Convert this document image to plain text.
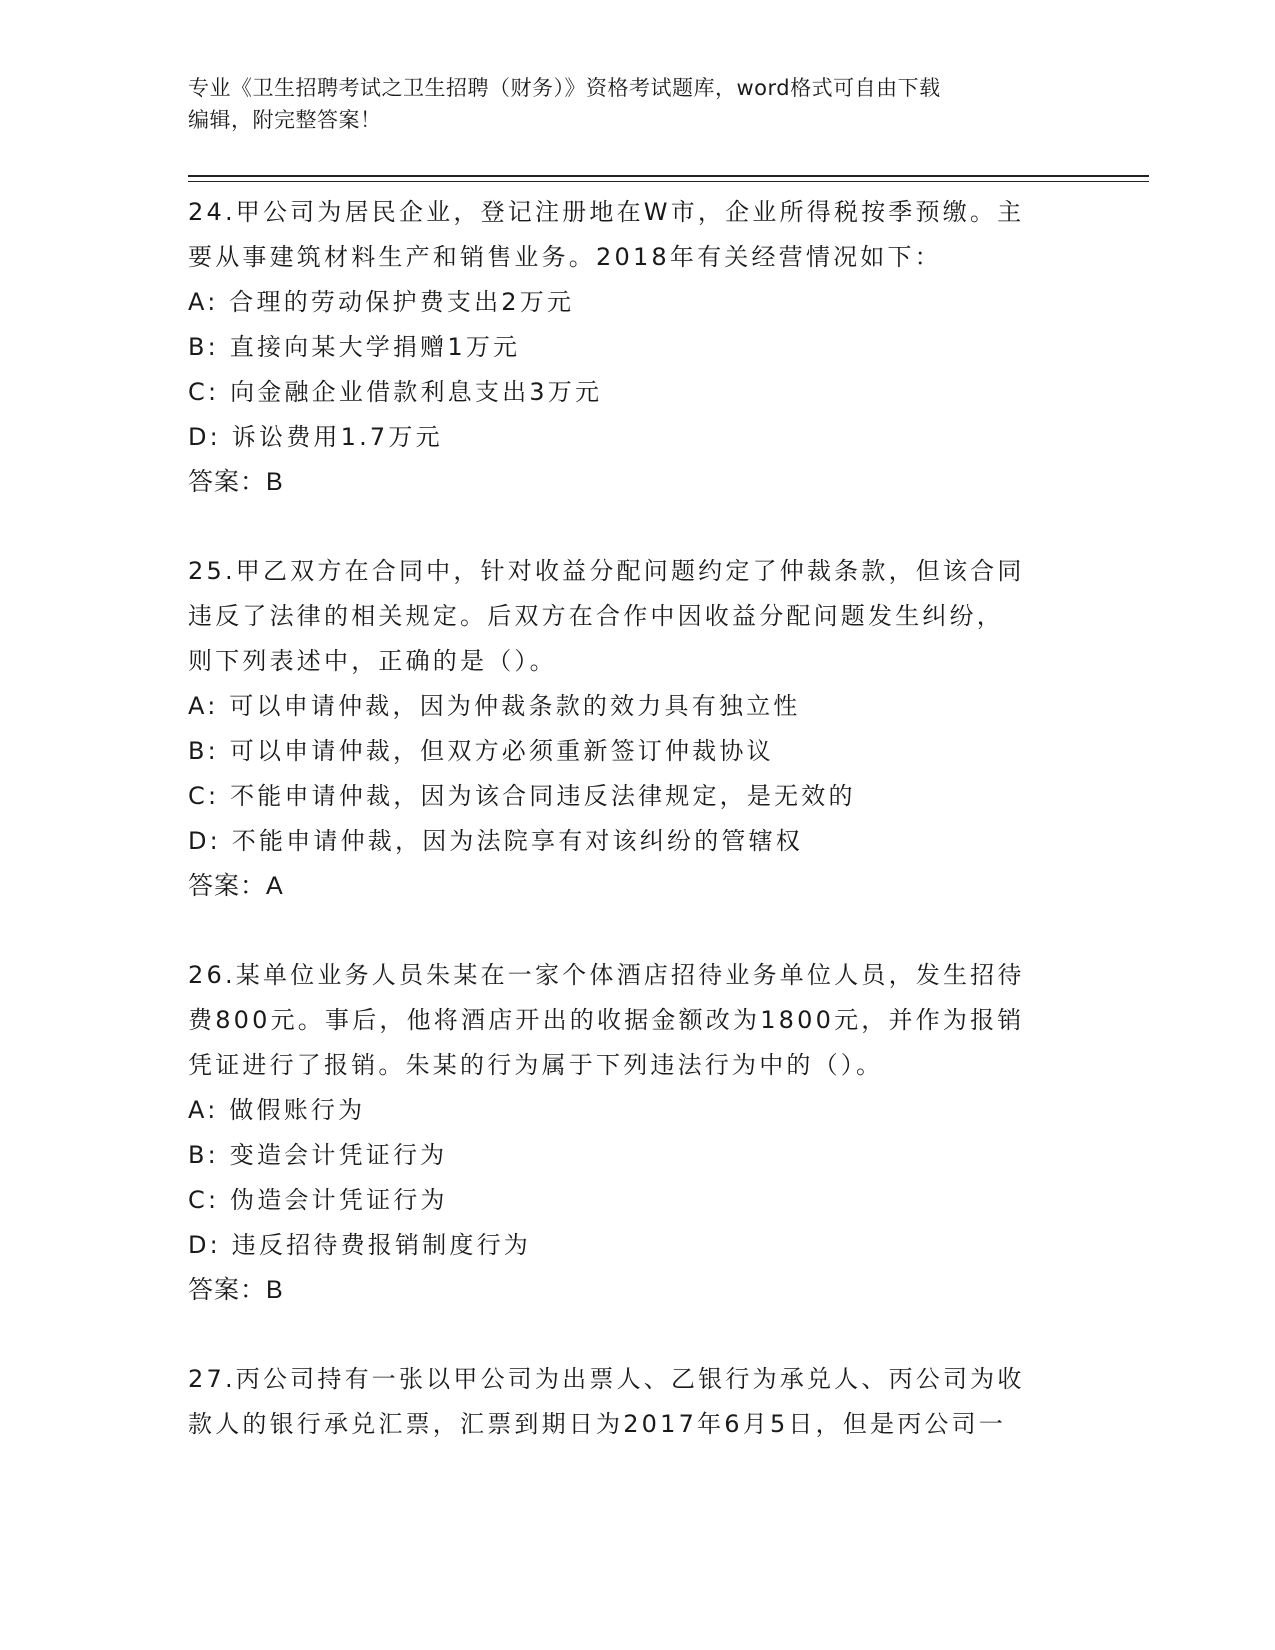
专业《卫生招聘考试之卫生招聘（财务）》资格考试题库，word格式可自由下载
编辑，附完整答案！
24.甲公司为居民企业，登记注册地在W市，企业所得税按季预缴。主
要从事建筑材料生产和销售业务。2018年有关经营情况如下：
A: 合理的劳动保护费支出2万元
B: 直接向某大学捐赠1万元
C: 向金融企业借款利息支出3万元
D: 诉讼费用1.7万元
答案：B
25.甲乙双方在合同中，针对收益分配问题约定了仲裁条款，但该合同
违反了法律的相关规定。后双方在合作中因收益分配问题发生纠纷，
则下列表述中，正确的是（）。
A: 可以申请仲裁，因为仲裁条款的效力具有独立性
B: 可以申请仲裁，但双方必须重新签订仲裁协议
C: 不能申请仲裁，因为该合同违反法律规定，是无效的
D: 不能申请仲裁，因为法院享有对该纠纷的管辖权
答案：A
26.某单位业务人员朱某在一家个体酒店招待业务单位人员，发生招待
费800元。事后，他将酒店开出的收据金额改为1800元，并作为报销
凭证进行了报销。朱某的行为属于下列违法行为中的（）。
A: 做假账行为
B: 变造会计凭证行为
C: 伪造会计凭证行为
D: 违反招待费报销制度行为
答案：B
27.丙公司持有一张以甲公司为出票人、乙银行为承兑人、丙公司为收
款人的银行承兑汇票，汇票到期日为2017年6月5日，但是丙公司一
